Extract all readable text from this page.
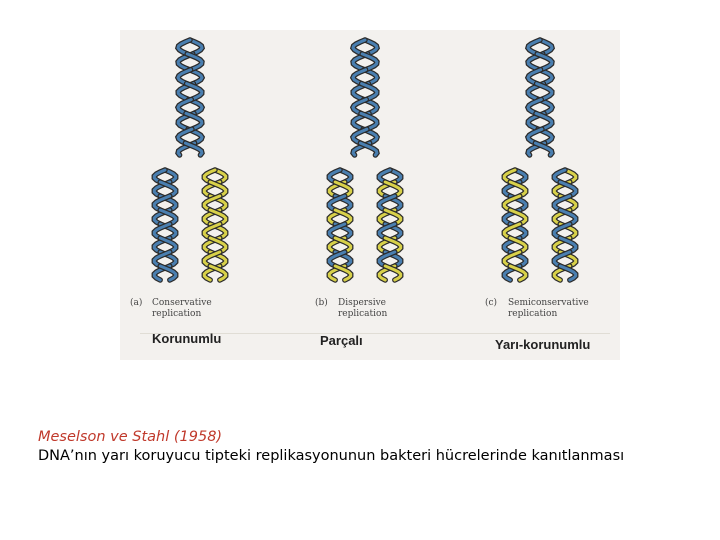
(a) Conservative
replication
(b) Dispersive
replication
(c) Semiconservative
replication
Korunumlu	Parçalı	Yarı-korunumlu
Meselson ve Stahl (1958)
DNA’nın yarı koruyucu tipteki replikasyonunun bakteri hücrelerinde kanıtlanması
